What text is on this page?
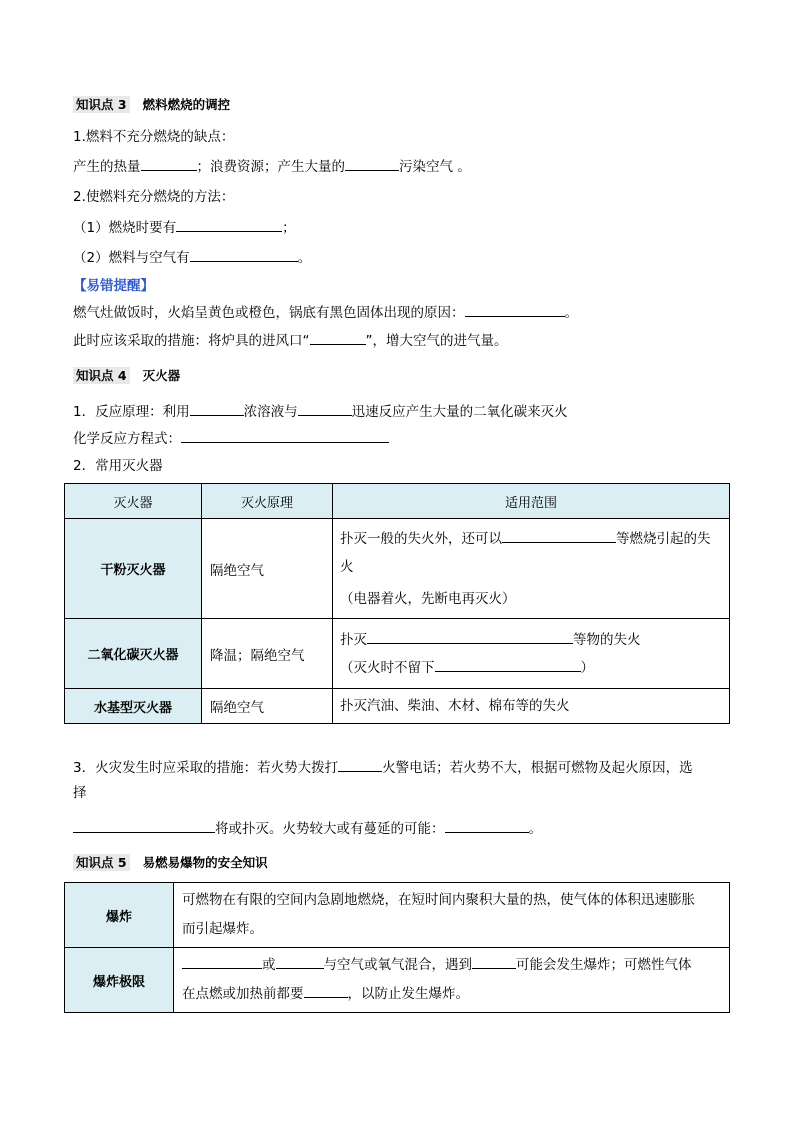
知识点 3 燃料燃烧的调控
1.燃料不充分燃烧的缺点：
产生的热量	；浪费资源；产生大量的	污染空气 。
2.使燃料充分燃烧的方法：
（1）燃烧时要有	；
（2）燃料与空气有	。
【易错提醒】
燃气灶做饭时，火焰呈黄色或橙色，锅底有黑色固体出现的原因：	。
此时应该采取的措施：将炉具的进风口“	”，增大空气的进气量。
知识点 4 灭火器
1．反应原理：利用	浓溶液与	迅速反应产生大量的二氧化碳来灭火
化学反应方程式：
2．常用灭火器
灭火器	灭火原理	适用范围
干粉灭火器	隔绝空气	扑灭一般的失火外，还可以 等燃烧引起的失
火
（电器着火，先断电再灭火）

二氧化碳灭火器	降温；隔绝空气	扑灭 等物的失火
（灭火时不留下 ）

水基型灭火器	隔绝空气	扑灭汽油、柴油、木材、棉布等的失火
3．火灾发生时应采取的措施：若火势大拨打	火警电话；若火势不大，根据可燃物及起火原因，选
择
将或扑灭。火势较大或有蔓延的可能：	。
知识点 5 易燃易爆物的安全知识
爆炸	可燃物在有限的空间内急剧地燃烧，在短时间内聚积大量的热，使气体的体积迅速膨胀
而引起爆炸。

爆炸极限	或 与空气或氧气混合，遇到 可能会发生爆炸；可燃性气体
在点燃或加热前都要 ，以防止发生爆炸。
